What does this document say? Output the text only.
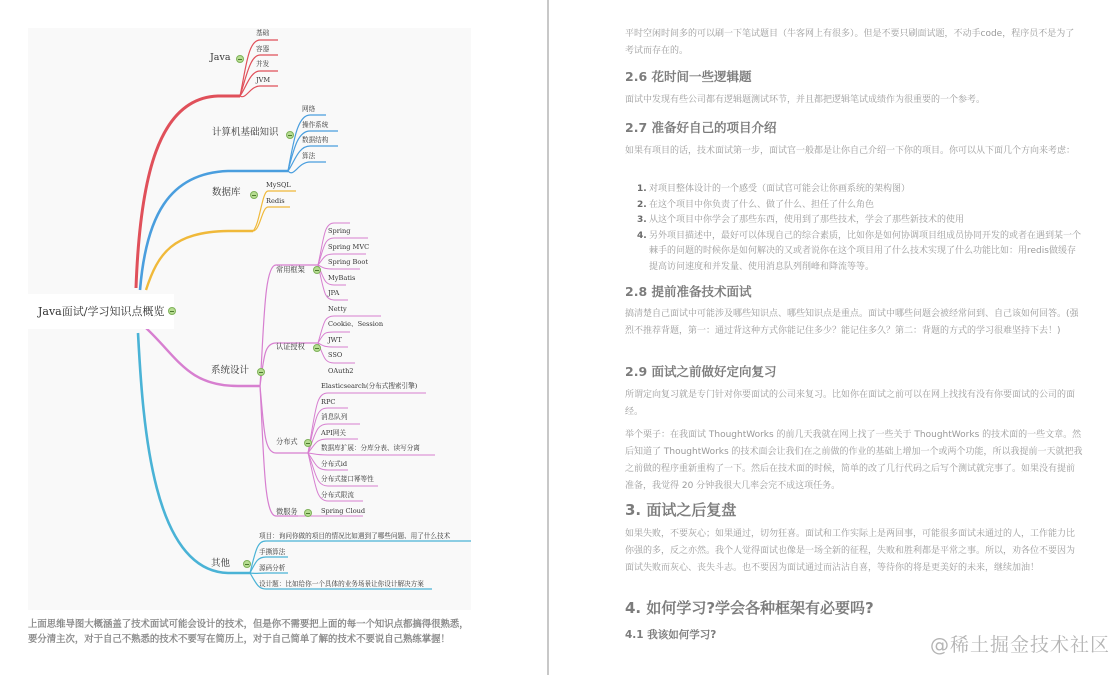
Java面试/学习知识点概览
Java
基础
容器
并发
JVM
计算机基础知识
网络
操作系统
数据结构
算法
数据库
MySQL
Redis
系统设计
常用框架
Spring
Spring MVC
Spring Boot
MyBatis
JPA
Netty
认证授权
Cookie、Session
JWT
SSO
OAuth2
分布式
Elasticsearch(分布式搜索引擎)
RPC
消息队列
API网关
数据库扩展：分库分表、读写分离
分布式id
分布式接口幂等性
分布式限流
微服务	Spring Cloud
其他
项目：询问你做的项目的情况比如遇到了哪些问题、用了什么技术
手撕算法
源码分析
设计题：比如给你一个具体的业务场景让你设计解决方案

上面思维导图大概涵盖了技术面试可能会设计的技术，但是你不需要把上面的每一个知识点都搞得很熟悉，要分清主次，对于自己不熟悉的技术不要写在简历上，对于自己简单了解的技术不要说自己熟练掌握！

平时空闲时间多的可以刷一下笔试题目（牛客网上有很多）。但是不要只刷面试题，不动手code，程序员不是为了考试而存在的。

2.6 花时间一些逻辑题

面试中发现有些公司都有逻辑题测试环节，并且都把逻辑笔试成绩作为很重要的一个参考。

2.7 准备好自己的项目介绍

如果有项目的话，技术面试第一步，面试官一般都是让你自己介绍一下你的项目。你可以从下面几个方向来考虑：

1. 对项目整体设计的一个感受（面试官可能会让你画系统的架构图）
2. 在这个项目中你负责了什么、做了什么、担任了什么角色
3. 从这个项目中你学会了那些东西，使用到了那些技术，学会了那些新技术的使用
4. 另外项目描述中，最好可以体现自己的综合素质，比如你是如何协调项目组成员协同开发的或者在遇到某一个棘手的问题的时候你是如何解决的又或者说你在这个项目用了什么技术实现了什么功能比如：用redis做缓存提高访问速度和并发量、使用消息队列削峰和降流等等。
2.8 提前准备技术面试

搞清楚自己面试中可能涉及哪些知识点、哪些知识点是重点。面试中哪些问题会被经常问到、自己该如何回答。(强烈不推荐背题，第一：通过背这种方式你能记住多少？能记住多久？第二：背题的方式的学习很难坚持下去！)

2.9 面试之前做好定向复习

所谓定向复习就是专门针对你要面试的公司来复习。比如你在面试之前可以在网上找找有没有你要面试的公司的面经。

举个栗子：在我面试 ThoughtWorks 的前几天我就在网上找了一些关于 ThoughtWorks 的技术面的一些文章。然后知道了 ThoughtWorks 的技术面会让我们在之前做的作业的基础上增加一个或两个功能，所以我提前一天就把我之前做的程序重新重构了一下。然后在技术面的时候，简单的改了几行代码之后写个测试就完事了。如果没有提前准备，我觉得 20 分钟我很大几率会完不成这项任务。

3. 面试之后复盘

如果失败，不要灰心；如果通过，切勿狂喜。面试和工作实际上是两回事，可能很多面试未通过的人，工作能力比你强的多，反之亦然。我个人觉得面试也像是一场全新的征程，失败和胜利都是平常之事。所以，劝各位不要因为面试失败而灰心、丧失斗志。也不要因为面试通过而沾沾自喜，等待你的将是更美好的未来，继续加油！

4. 如何学习?学会各种框架有必要吗?
4.1 我该如何学习?	@稀土掘金技术社区
